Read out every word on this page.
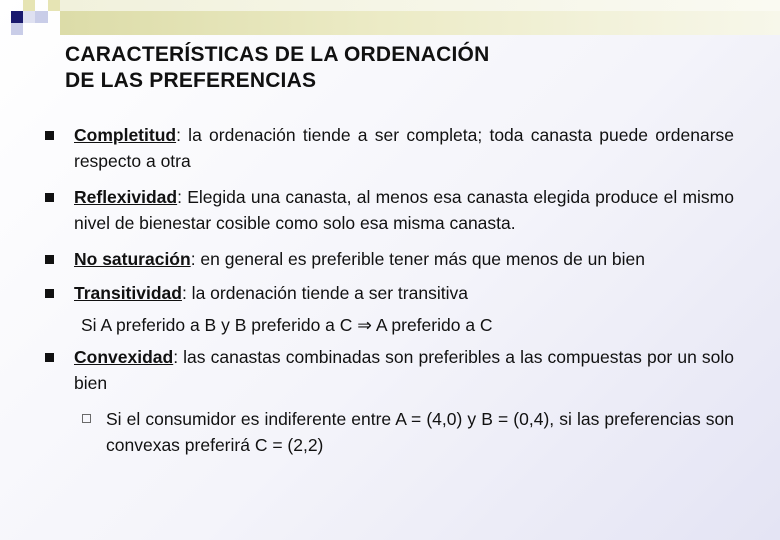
CARACTERÍSTICAS DE LA ORDENACIÓN
DE LAS PREFERENCIAS
Completitud: la ordenación tiende a ser completa; toda canasta puede ordenarse respecto a otra
Reflexividad: Elegida una canasta, al menos esa canasta elegida produce el mismo nivel de bienestar cosible como solo esa misma canasta.
No saturación: en general es preferible tener más que menos de un bien
Transitividad: la ordenación tiende a ser transitiva
Si A preferido a B y B preferido a C ⇒ A preferido a C
Convexidad: las canastas combinadas son preferibles a las compuestas por un solo bien
Si el consumidor es indiferente entre A = (4,0) y B = (0,4), si las preferencias son convexas preferirá C = (2,2)
